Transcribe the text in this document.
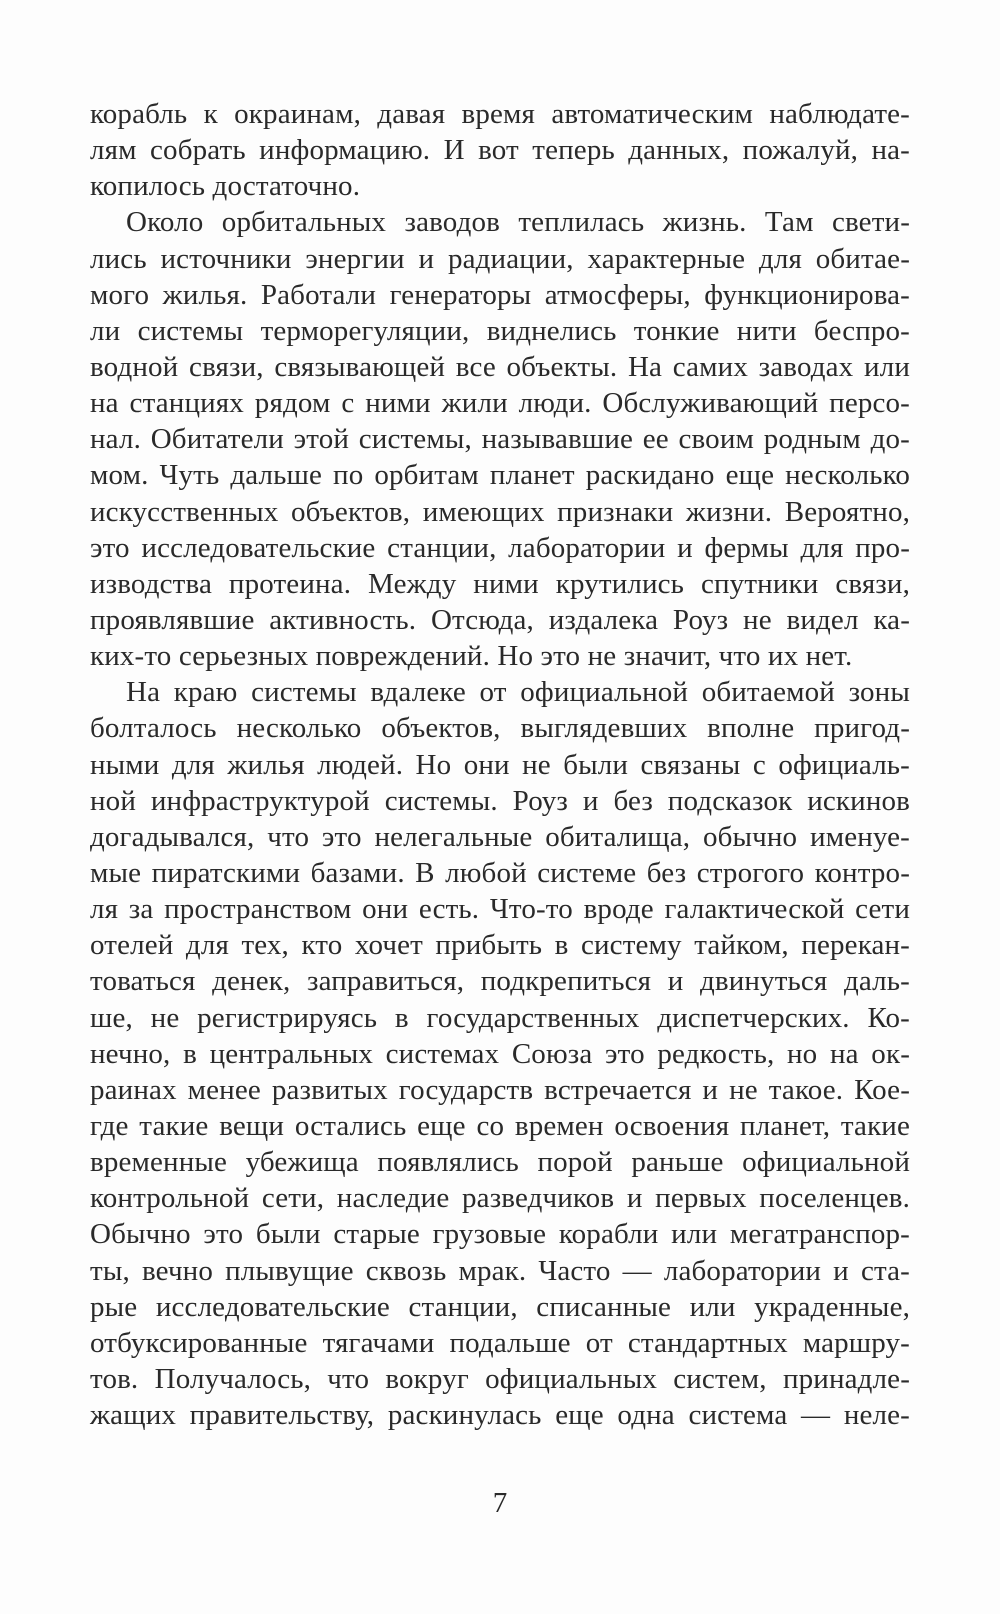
корабль к окраинам, давая время автоматическим наблюдате-
лям собрать информацию. И вот теперь данных, пожалуй, на-
копилось достаточно.
Около орбитальных заводов теплилась жизнь. Там свети-
лись источники энергии и радиации, характерные для обитае-
мого жилья. Работали генераторы атмосферы, функционирова-
ли системы терморегуляции, виднелись тонкие нити беспро-
водной связи, связывающей все объекты. На самих заводах или
на станциях рядом с ними жили люди. Обслуживающий персо-
нал. Обитатели этой системы, называвшие ее своим родным до-
мом. Чуть дальше по орбитам планет раскидано еще несколько
искусственных объектов, имеющих признаки жизни. Вероятно,
это исследовательские станции, лаборатории и фермы для про-
изводства протеина. Между ними крутились спутники связи,
проявлявшие активность. Отсюда, издалека Роуз не видел ка-
ких-то серьезных повреждений. Но это не значит, что их нет.
На краю системы вдалеке от официальной обитаемой зоны
болталось несколько объектов, выглядевших вполне пригод-
ными для жилья людей. Но они не были связаны с официаль-
ной инфраструктурой системы. Роуз и без подсказок искинов
догадывался, что это нелегальные обиталища, обычно именуе-
мые пиратскими базами. В любой системе без строгого контро-
ля за пространством они есть. Что-то вроде галактической сети
отелей для тех, кто хочет прибыть в систему тайком, перекан-
товаться денек, заправиться, подкрепиться и двинуться даль-
ше, не регистрируясь в государственных диспетчерских. Ко-
нечно, в центральных системах Союза это редкость, но на ок-
раинах менее развитых государств встречается и не такое. Кое-
где такие вещи остались еще со времен освоения планет, такие
временные убежища появлялись порой раньше официальной
контрольной сети, наследие разведчиков и первых поселенцев.
Обычно это были старые грузовые корабли или мегатранспор-
ты, вечно плывущие сквозь мрак. Часто — лаборатории и ста-
рые исследовательские станции, списанные или украденные,
отбуксированные тягачами подальше от стандартных маршру-
тов. Получалось, что вокруг официальных систем, принадле-
жащих правительству, раскинулась еще одна система — неле-
7
